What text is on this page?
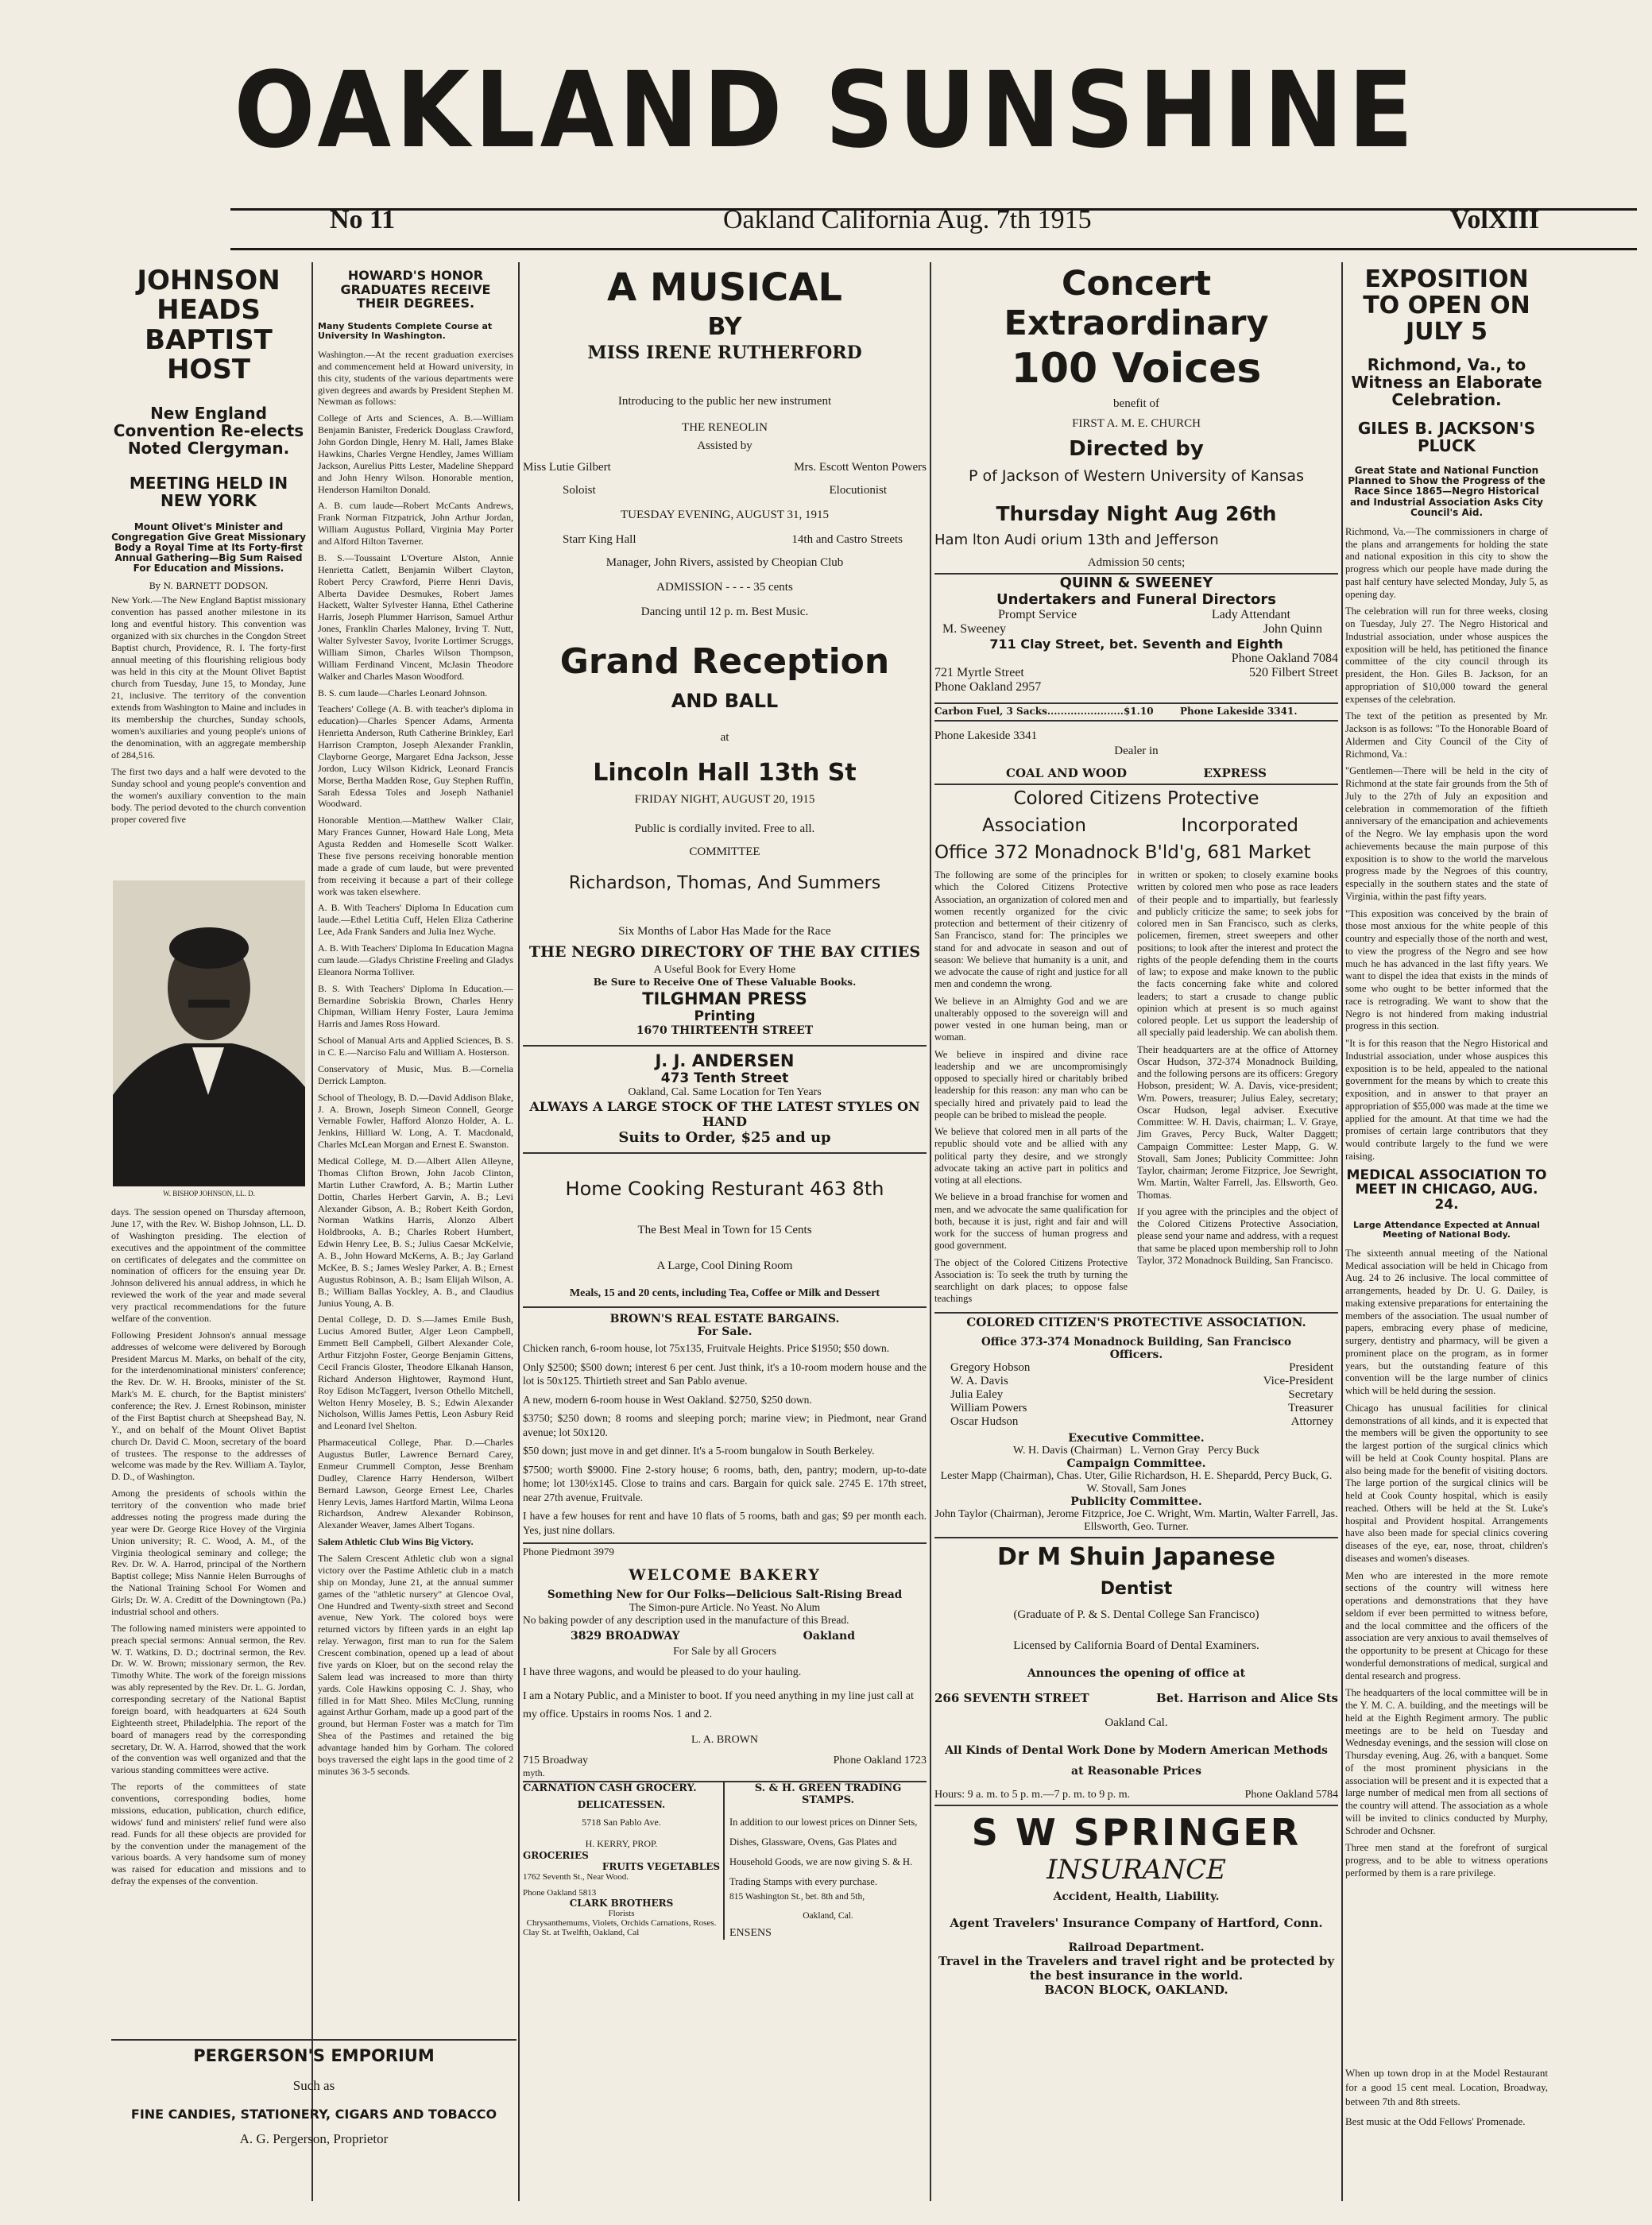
OAKLAND SUNSHINE
No 11	Oakland California Aug. 7th 1915	VolXIII
JOHNSON HEADS BAPTIST HOST
New England Convention Re-elects Noted Clergyman.
MEETING HELD IN NEW YORK
Mount Olivet's Minister and Congregation Give Great Missionary Body a Royal Time at Its Forty-first Annual Gathering—Big Sum Raised For Education and Missions.
By N. BARNETT DODSON.

New York.—The New England Baptist missionary convention has passed another milestone in its long and eventful history. This convention was organized with six churches in the Congdon Street Baptist church, Providence, R. I. The forty-first annual meeting of this flourishing religious body was held in this city at the Mount Olivet Baptist church from Tuesday, June 15, to Monday, June 21, inclusive. The territory of the convention extends from Washington to Maine and includes in its membership the churches, Sunday schools, women's auxiliaries and young people's unions of the denomination, with an aggregate membership of 284,516.

The first two days and a half were devoted to the Sunday school and young people's convention and the women's auxiliary convention to the main body. The period devoted to the church convention proper covered five

W. BISHOP JOHNSON, LL. D.

days. The session opened on Thursday afternoon, June 17, with the Rev. W. Bishop Johnson, LL. D. of Washington presiding. The election of executives and the appointment of the committee on certificates of delegates and the committee on nomination of officers for the ensuing year Dr. Johnson delivered his annual address, in which he reviewed the work of the year and made several very practical recommendations for the future welfare of the convention.

Following President Johnson's annual message addresses of welcome were delivered by Borough President Marcus M. Marks, on behalf of the city, for the interdenominational ministers' conference; the Rev. Dr. W. H. Brooks, minister of the St. Mark's M. E. church, for the Baptist ministers' conference; the Rev. J. Ernest Robinson, minister of the First Baptist church at Sheepshead Bay, N. Y., and on behalf of the Mount Olivet Baptist church Dr. David C. Moon, secretary of the board of trustees. The response to the addresses of welcome was made by the Rev. William A. Taylor, D. D., of Washington.

Among the presidents of schools within the territory of the convention who made brief addresses noting the progress made during the year were Dr. George Rice Hovey of the Virginia Union university; R. C. Wood, A. M., of the Virginia theological seminary and college; the Rev. Dr. W. A. Harrod, principal of the Northern Baptist college; Miss Nannie Helen Burroughs of the National Training School For Women and Girls; Dr. W. A. Creditt of the Downingtown (Pa.) industrial school and others.

The following named ministers were appointed to preach special sermons: Annual sermon, the Rev. W. T. Watkins, D. D.; doctrinal sermon, the Rev. Dr. W. W. Brown; missionary sermon, the Rev. Timothy White. The work of the foreign missions was ably represented by the Rev. Dr. L. G. Jordan, corresponding secretary of the National Baptist foreign board, with headquarters at 624 South Eighteenth street, Philadelphia. The report of the board of managers read by the corresponding secretary, Dr. W. A. Harrod, showed that the work of the convention was well organized and that the various standing committees were active.

The reports of the committees of state conventions, corresponding bodies, home missions, education, publication, church edifice, widows' fund and ministers' relief fund were also read. Funds for all these objects are provided for by the convention under the management of the various boards. A very handsome sum of money was raised for education and missions and to defray the expenses of the convention.

HOWARD'S HONOR GRADUATES RECEIVE THEIR DEGREES.
Many Students Complete Course at University In Washington.

Washington.—At the recent graduation exercises and commencement held at Howard university, in this city, students of the various departments were given degrees and awards by President Stephen M. Newman as follows:

College of Arts and Sciences, A. B.—William Benjamin Banister, Frederick Douglass Crawford, John Gordon Dingle, Henry M. Hall, James Blake Hawkins, Charles Vergne Hendley, James William Jackson, Aurelius Pitts Lester, Madeline Sheppard and John Henry Wilson. Honorable mention, Henderson Hamilton Donald.

A. B. cum laude—Robert McCants Andrews, Frank Norman Fitzpatrick, John Arthur Jordan, William Augustus Pollard, Virginia May Porter and Alford Hilton Taverner.

B. S.—Toussaint L'Overture Alston, Annie Henrietta Catlett, Benjamin Wilbert Clayton, Robert Percy Crawford, Pierre Henri Davis, Alberta Davidee Desmukes, Robert James Hackett, Walter Sylvester Hanna, Ethel Catherine Harris, Joseph Plummer Harrison, Samuel Arthur Jones, Franklin Charles Maloney, Irving T. Nutt, Walter Sylvester Savoy, Ivorite Lortimer Scruggs, William Simon, Charles Wilson Thompson, William Ferdinand Vincent, McJasin Theodore Walker and Charles Mason Woodford.

B. S. cum laude—Charles Leonard Johnson.

Teachers' College (A. B. with teacher's diploma in education)—Charles Spencer Adams, Armenta Henrietta Anderson, Ruth Catherine Brinkley, Earl Harrison Crampton, Joseph Alexander Franklin, Clayborne George, Margaret Edna Jackson, Jesse Jordon, Lucy Wilson Kidrick, Leonard Francis Morse, Bertha Madden Rose, Guy Stephen Ruffin, Sarah Edessa Toles and Joseph Nathaniel Woodward.

Honorable Mention.—Matthew Walker Clair, Mary Frances Gunner, Howard Hale Long, Meta Agusta Redden and Homeselle Scott Walker. These five persons receiving honorable mention made a grade of cum laude, but were prevented from receiving it because a part of their college work was taken elsewhere.

A. B. With Teachers' Diploma In Education cum laude.—Ethel Letitia Cuff, Helen Eliza Catherine Lee, Ada Frank Sanders and Julia Inez Wyche.

A. B. With Teachers' Diploma In Education Magna cum laude.—Gladys Christine Freeling and Gladys Eleanora Norma Tolliver.

B. S. With Teachers' Diploma In Education.—Bernardine Sobriskia Brown, Charles Henry Chipman, William Henry Foster, Laura Jemima Harris and James Ross Howard.

School of Manual Arts and Applied Sciences, B. S. in C. E.—Narciso Falu and William A. Hosterson.

Conservatory of Music, Mus. B.—Cornelia Derrick Lampton.

School of Theology, B. D.—David Addison Blake, J. A. Brown, Joseph Simeon Connell, George Vernable Fowler, Hafford Alonzo Holder, A. L. Jenkins, Hilliard W. Long, A. T. Macdonald, Charles McLean Morgan and Ernest E. Swanston.

Medical College, M. D.—Albert Allen Alleyne, Thomas Clifton Brown, John Jacob Clinton, Martin Luther Crawford, A. B.; Martin Luther Dottin, Charles Herbert Garvin, A. B.; Levi Alexander Gibson, A. B.; Robert Keith Gordon, Norman Watkins Harris, Alonzo Albert Holdbrooks, A. B.; Charles Robert Humbert, Edwin Henry Lee, B. S.; Julius Caesar McKelvie, A. B., John Howard McKerns, A. B.; Jay Garland McKee, B. S.; James Wesley Parker, A. B.; Ernest Augustus Robinson, A. B.; Isam Elijah Wilson, A. B.; William Ballas Yockley, A. B., and Claudius Junius Young, A. B.

Dental College, D. D. S.—James Emile Bush, Lucius Amored Butler, Alger Leon Campbell, Emmett Bell Campbell, Gilbert Alexander Cole, Arthur Fitzjohn Foster, George Benjamin Gittens, Cecil Francis Gloster, Theodore Elkanah Hanson, Richard Anderson Hightower, Raymond Hunt, Roy Edison McTaggert, Iverson Othello Mitchell, Welton Henry Moseley, B. S.; Edwin Alexander Nicholson, Willis James Pettis, Leon Asbury Reid and Leonard Ivel Shelton.

Pharmaceutical College, Phar. D.—Charles Augustus Butler, Lawrence Bernard Carey, Enmeur Crummell Compton, Jesse Brenham Dudley, Clarence Harry Henderson, Wilbert Bernard Lawson, George Ernest Lee, Charles Henry Levis, James Hartford Martin, Wilma Leona Richardson, Andrew Alexander Robinson, Alexander Weaver, James Albert Togans.

Salem Athletic Club Wins Big Victory.

The Salem Crescent Athletic club won a signal victory over the Pastime Athletic club in a match ship on Monday, June 21, at the annual summer games of the "athletic nursery" at Glencoe Oval, One Hundred and Twenty-sixth street and Second avenue, New York. The colored boys were returned victors by fifteen yards in an eight lap relay. Yerwagon, first man to run for the Salem Crescent combination, opened up a lead of about five yards on Kloer, but on the second relay the Salem lead was increased to more than thirty yards. Cole Hawkins opposing C. J. Shay, who filled in for Matt Sheo. Miles McClung, running against Arthur Gorham, made up a good part of the ground, but Herman Foster was a match for Tim Shea of the Pastimes and retained the big advantage handed him by Gorham. The colored boys traversed the eight laps in the good time of 2 minutes 36 3-5 seconds.

PERGERSON'S EMPORIUM
Such as
FINE CANDIES, STATIONERY, CIGARS AND TOBACCO
A. G. Pergerson, Proprietor
A MUSICAL
BY
MISS IRENE RUTHERFORD
Introducing to the public her new instrument
THE RENEOLIN
Assisted by
Miss Lutie Gilbert	Mrs. Escott Wenton Powers
Soloist	Elocutionist
TUESDAY EVENING, AUGUST 31, 1915
Starr King Hall	14th and Castro Streets
Manager, John Rivers, assisted by Cheopian Club
ADMISSION - - - - 35 cents
Dancing until 12 p. m. Best Music.
Grand Reception
AND BALL
at
Lincoln Hall 13th St
FRIDAY NIGHT, AUGUST 20, 1915
Public is cordially invited. Free to all.
COMMITTEE
Richardson, Thomas, And Summers
Six Months of Labor Has Made for the Race
THE NEGRO DIRECTORY OF THE BAY CITIES
A Useful Book for Every Home
Be Sure to Receive One of These Valuable Books.
TILGHMAN PRESS
Printing
1670 THIRTEENTH STREET
J. J. ANDERSEN
473 Tenth Street
Oakland, Cal. Same Location for Ten Years
ALWAYS A LARGE STOCK OF THE LATEST STYLES ON HAND
Suits to Order, $25 and up
Home Cooking Resturant 463 8th
The Best Meal in Town for 15 Cents
A Large, Cool Dining Room
Meals, 15 and 20 cents, including Tea, Coffee or Milk and Dessert
BROWN'S REAL ESTATE BARGAINS.
For Sale.

Chicken ranch, 6-room house, lot 75x135, Fruitvale Heights. Price $1950; $50 down.

Only $2500; $500 down; interest 6 per cent. Just think, it's a 10-room modern house and the lot is 50x125. Thirtieth street and San Pablo avenue.

A new, modern 6-room house in West Oakland. $2750, $250 down.

$3750; $250 down; 8 rooms and sleeping porch; marine view; in Piedmont, near Grand avenue; lot 50x120.

$50 down; just move in and get dinner. It's a 5-room bungalow in South Berkeley.

$7500; worth $9000. Fine 2-story house; 6 rooms, bath, den, pantry; modern, up-to-date home; lot 130½x145. Close to trains and cars. Bargain for quick sale. 2745 E. 17th street, near 27th avenue, Fruitvale.

I have a few houses for rent and have 10 flats of 5 rooms, bath and gas; $9 per month each. Yes, just nine dollars.

Phone Piedmont 3979
WELCOME BAKERY
Something New for Our Folks—Delicious Salt-Rising Bread
The Simon-pure Article. No Yeast. No Alum
No baking powder of any description used in the manufacture of this Bread.
3829 BROADWAY	Oakland
For Sale by all Grocers
I have three wagons, and would be pleased to do your hauling.
I am a Notary Public, and a Minister to boot. If you need anything in my line just call at my office. Upstairs in rooms Nos. 1 and 2.
L. A. BROWN
715 Broadway	Phone Oakland 1723
myth.
CARNATION CASH GROCERY.
DELICATESSEN.
5718 San Pablo Ave.
H. KERRY, PROP.
GROCERIES
FRUITS VEGETABLES
1762 Seventh St., Near Wood.
Phone Oakland 5813
CLARK BROTHERS
Florists
Chrysanthemums, Violets, Orchids Carnations, Roses.
Clay St. at Twelfth, Oakland, Cal
S. & H. GREEN TRADING STAMPS.
In addition to our lowest prices on Dinner Sets, Dishes, Glassware, Ovens, Gas Plates and Household Goods, we are now giving S. & H. Trading Stamps with every purchase.
815 Washington St., bet. 8th and 5th,
Oakland, Cal.
ENSENS
Concert Extraordinary
100 Voices
benefit of
FIRST A. M. E. CHURCH
Directed by
P of Jackson of Western University of Kansas
Thursday Night Aug 26th
Ham lton Audi orium 13th and Jefferson
Admission 50 cents;
QUINN & SWEENEY
Undertakers and Funeral Directors
Prompt Service	Lady Attendant
M. Sweeney	John Quinn
711 Clay Street, bet. Seventh and Eighth
Phone Oakland 7084
721 Myrtle Street	520 Filbert Street
Phone Oakland 2957
Carbon Fuel, 3 Sacks.......................$1.10        Phone Lakeside 3341.
Phone Lakeside 3341
Dealer in
COAL AND WOOD	EXPRESS
Colored Citizens Protective
Association	Incorporated
Office 372 Monadnock B'ld'g, 681 Market

The following are some of the principles for which the Colored Citizens Protective Association, an organization of colored men and women recently organized for the civic protection and betterment of their citizenry of San Francisco, stand for: The principles we stand for and advocate in season and out of season: We believe that humanity is a unit, and we advocate the cause of right and justice for all men and condemn the wrong.

We believe in an Almighty God and we are unalterably opposed to the sovereign will and power vested in one human being, man or woman.

We believe in inspired and divine race leadership and we are uncompromisingly opposed to specially hired or charitably bribed leadership for this reason: any man who can be specially hired and privately paid to lead the people can be bribed to mislead the people.

We believe that colored men in all parts of the republic should vote and be allied with any political party they desire, and we strongly advocate taking an active part in politics and voting at all elections.

We believe in a broad franchise for women and men, and we advocate the same qualification for both, because it is just, right and fair and will work for the success of human progress and good government.

The object of the Colored Citizens Protective Association is: To seek the truth by turning the searchlight on dark places; to oppose false teachings

in written or spoken; to closely examine books written by colored men who pose as race leaders of their people and to impartially, but fearlessly and publicly criticize the same; to seek jobs for colored men in San Francisco, such as clerks, policemen, firemen, street sweepers and other positions; to look after the interest and protect the rights of the people defending them in the courts of law; to expose and make known to the public the facts concerning fake white and colored leaders; to start a crusade to change public opinion which at present is so much against colored people. Let us support the leadership of all specially paid leadership. We can abolish them.

Their headquarters are at the office of Attorney Oscar Hudson, 372-374 Monadnock Building, and the following persons are its officers: Gregory Hobson, president; W. A. Davis, vice-president; Wm. Powers, treasurer; Julius Ealey, secretary; Oscar Hudson, legal adviser. Executive Committee: W. H. Davis, chairman; L. V. Graye, Jim Graves, Percy Buck, Walter Daggett; Campaign Committee: Lester Mapp, G. W. Stovall, Sam Jones; Publicity Committee: John Taylor, chairman; Jerome Fitzprice, Joe Sewright, Wm. Martin, Walter Farrell, Jas. Ellsworth, Geo. Thomas.

If you agree with the principles and the object of the Colored Citizens Protective Association, please send your name and address, with a request that same be placed upon membership roll to John Taylor, 372 Monadnock Building, San Francisco.

COLORED CITIZEN'S PROTECTIVE ASSOCIATION.
Office 373-374 Monadnock Building, San Francisco
Officers.
Gregory Hobson	President
W. A. Davis	Vice-President
Julia Ealey	Secretary
William Powers	Treasurer
Oscar Hudson	Attorney
Executive Committee.
W. H. Davis (Chairman)   L. Vernon Gray   Percy Buck
Campaign Committee.
Lester Mapp (Chairman), Chas. Uter, Gilie Richardson, H. E. Shepardd, Percy Buck, G. W. Stovall, Sam Jones
Publicity Committee.
John Taylor (Chairman), Jerome Fitzprice, Joe C. Wright, Wm. Martin, Walter Farrell, Jas. Ellsworth, Geo. Turner.
Dr M Shuin Japanese
Dentist
(Graduate of P. & S. Dental College San Francisco)
Licensed by California Board of Dental Examiners.
Announces the opening of office at
266 SEVENTH STREET	Bet. Harrison and Alice Sts
Oakland Cal.
All Kinds of Dental Work Done by Modern American Methods
at Reasonable Prices
Hours: 9 a. m. to 5 p. m.—7 p. m. to 9 p. m.	Phone Oakland 5784
S W SPRINGER
INSURANCE
Accident, Health, Liability.
Agent Travelers' Insurance Company of Hartford, Conn.
Railroad Department.
Travel in the Travelers and travel right and be protected by the best insurance in the world.
BACON BLOCK, OAKLAND.
EXPOSITION TO OPEN ON JULY 5
Richmond, Va., to Witness an Elaborate Celebration.
GILES B. JACKSON'S PLUCK
Great State and National Function Planned to Show the Progress of the Race Since 1865—Negro Historical and Industrial Association Asks City Council's Aid.

Richmond, Va.—The commissioners in charge of the plans and arrangements for holding the state and national exposition in this city to show the progress which our people have made during the past half century have selected Monday, July 5, as opening day.

The celebration will run for three weeks, closing on Tuesday, July 27. The Negro Historical and Industrial association, under whose auspices the exposition will be held, has petitioned the finance committee of the city council through its president, the Hon. Giles B. Jackson, for an appropriation of $10,000 toward the general expenses of the celebration.

The text of the petition as presented by Mr. Jackson is as follows: "To the Honorable Board of Aldermen and City Council of the City of Richmond, Va.:

"Gentlemen—There will be held in the city of Richmond at the state fair grounds from the 5th of July to the 27th of July an exposition and celebration in commemoration of the fiftieth anniversary of the emancipation and achievements of the Negro. We lay emphasis upon the word achievements because the main purpose of this exposition is to show to the world the marvelous progress made by the Negroes of this country, especially in the southern states and the state of Virginia, within the past fifty years.

"This exposition was conceived by the brain of those most anxious for the white people of this country and especially those of the north and west, to view the progress of the Negro and see how much he has advanced in the last fifty years. We want to dispel the idea that exists in the minds of some who ought to be better informed that the race is retrograding. We want to show that the Negro is not hindered from making industrial progress in this section.

"It is for this reason that the Negro Historical and Industrial association, under whose auspices this exposition is to be held, appealed to the national government for the means by which to create this exposition, and in answer to that prayer an appropriation of $55,000 was made at the time we applied for the amount. At that time we had the promises of certain large contributors that they would contribute largely to the fund we were raising.

MEDICAL ASSOCIATION TO MEET IN CHICAGO, AUG. 24.
Large Attendance Expected at Annual Meeting of National Body.

The sixteenth annual meeting of the National Medical association will be held in Chicago from Aug. 24 to 26 inclusive. The local committee of arrangements, headed by Dr. U. G. Dailey, is making extensive preparations for entertaining the members of the association. The usual number of papers, embracing every phase of medicine, surgery, dentistry and pharmacy, will be given a prominent place on the program, as in former years, but the outstanding feature of this convention will be the large number of clinics which will be held during the session.

Chicago has unusual facilities for clinical demonstrations of all kinds, and it is expected that the members will be given the opportunity to see the largest portion of the surgical clinics which will be held at Cook County hospital. Plans are also being made for the benefit of visiting doctors. The large portion of the surgical clinics will be held at Cook County hospital, which is easily reached. Others will be held at the St. Luke's hospital and Provident hospital. Arrangements have also been made for special clinics covering diseases of the eye, ear, nose, throat, children's diseases and women's diseases.

Men who are interested in the more remote sections of the country will witness here operations and demonstrations that they have seldom if ever been permitted to witness before, and the local committee and the officers of the association are very anxious to avail themselves of the opportunity to be present at Chicago for these wonderful demonstrations of medical, surgical and dental research and progress.

The headquarters of the local committee will be in the Y. M. C. A. building, and the meetings will be held at the Eighth Regiment armory. The public meetings are to be held on Tuesday and Wednesday evenings, and the session will close on Thursday evening, Aug. 26, with a banquet. Some of the most prominent physicians in the association will be present and it is expected that a large number of medical men from all sections of the country will attend. The association as a whole will be invited to clinics conducted by Murphy, Schroder and Ochsner.

Three men stand at the forefront of surgical progress, and to be able to witness operations performed by them is a rare privilege.

When up town drop in at the Model Restaurant for a good 15 cent meal. Location, Broadway, between 7th and 8th streets.

Best music at the Odd Fellows' Promenade.
